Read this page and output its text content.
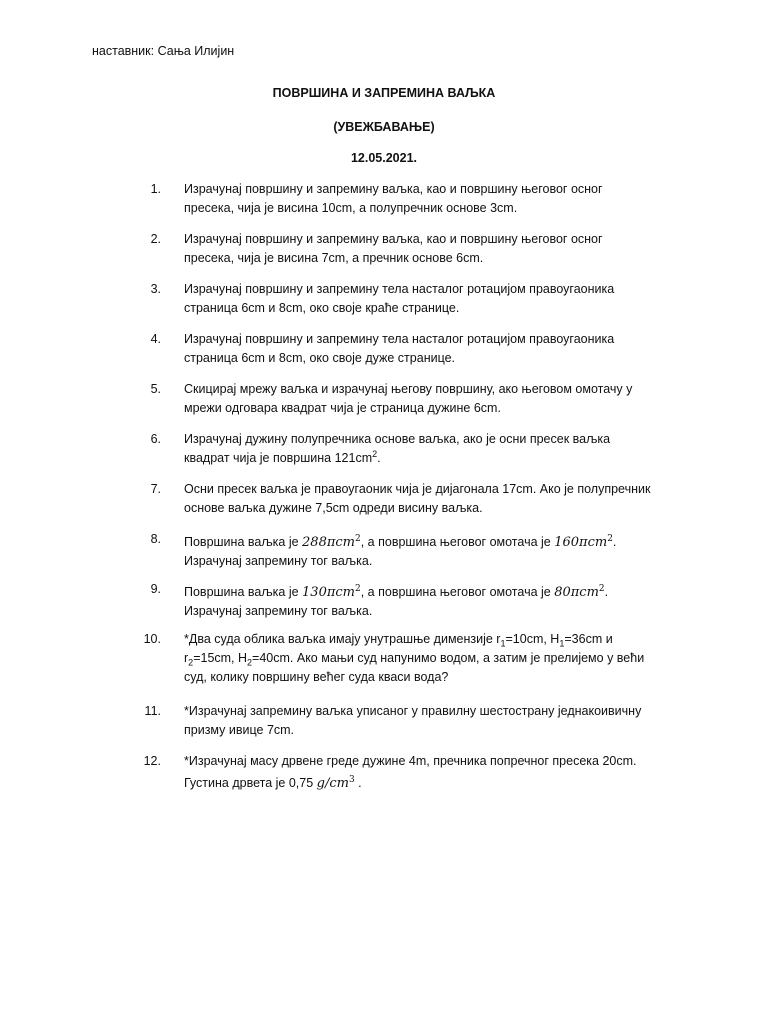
наставник: Сања Илијин
ПОВРШИНА И ЗАПРЕМИНА ВАЉКА
(УВЕЖБАВАЊЕ)
12.05.2021.
1. Израчунај површину и запремину ваљка, као и површину његовог осног
пресека, чија је висина 10cm, а полупречник основе 3cm.
2. Израчунај површину и запремину ваљка, као и површину његовог осног
пресека, чија је висина 7cm, а пречник основе 6cm.
3. Израчунај површину и запремину тела насталог ротацијом правоугаоника
страница 6cm и 8cm, око своје краће странице.
4. Израчунај површину и запремину тела насталог ротацијом правоугаоника
страница 6cm и 8cm, око своје дуже странице.
5. Скицирај мрежу ваљка и израчунај његову површину, ако његовом омотачу у
мрежи одговара квадрат чија је страница дужине 6cm.
6. Израчунај дужину полупречника основе ваљка, ако је осни пресек ваљка
квадрат чија је површина $121cm^2$.
7. Осни пресек ваљка је правоугаоник чија је дијагонала 17cm. Ако је полупречник
основе ваљка дужине 7,5cm одреди висину ваљка.
8. Површина ваљка је 288πcm$^2$, а површина његовог омотача је 160πcm$^2$.
Израчунај запремину тог ваљка.
9. Површина ваљка је 130πcm$^2$, а површина његовог омотача је 80πcm$^2$.
Израчунај запремину тог ваљка.
10. *Два суда облика ваљка имају унутрашње димензије $r_1=10cm$, $H_1=36cm$ и
$r_2=15cm$, $H_2=40cm$. Ако мањи суд напунимо водом, а затим је прелијемо у већи
суд, колику површину већег суда кваси вода?
11. *Израчунај запремину ваљка уписаног у правилну шестострану једнакоивичну
призму ивице 7cm.
12. *Израчунај масу дрвене греде дужине 4m, пречника попречног пресека 20cm.
Густина дрвета је 0,75 $g/cm^3$ .
